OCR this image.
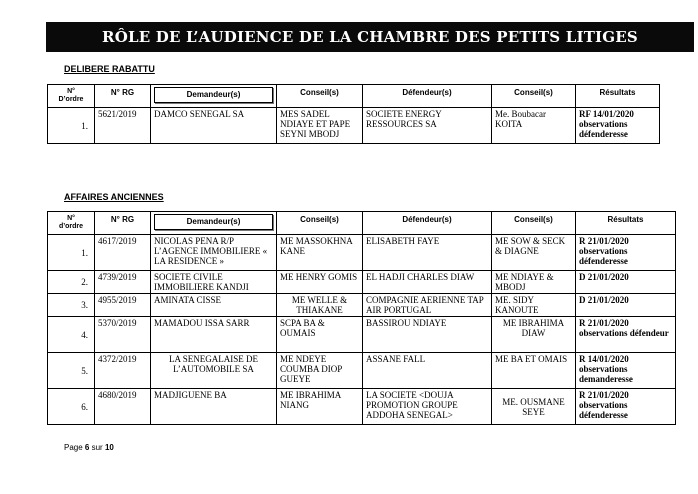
RÔLE DE L’AUDIENCE DE LA CHAMBRE DES PETITS LITIGES
DELIBERE RABATTU
N°
D’ordre	N° RG	Demandeur(s)	Conseil(s)	Défendeur(s)	Conseil(s)	Résultats
1.	5621/2019	DAMCO SENEGAL SA	MES SADEL NDIAYE ET PAPE SEYNI MBODJ	SOCIETE ENERGY RESSOURCES SA	Me. Boubacar KOITA	RF 14/01/2020 observations défenderesse
AFFAIRES ANCIENNES
N°
d’ordre	N° RG	Demandeur(s)	Conseil(s)	Défendeur(s)	Conseil(s)	Résultats
1.	4617/2019	NICOLAS PENA R/P L’AGENCE IMMOBILIERE « LA RESIDENCE »	ME MASSOKHNA KANE	ELISABETH FAYE	ME SOW & SECK & DIAGNE	R 21/01/2020 observations défenderesse
2.	4739/2019	SOCIETE CIVILE IMMOBILIERE KANDJI	ME HENRY GOMIS	EL HADJI CHARLES DIAW	ME NDIAYE & MBODJ	D 21/01/2020
3.	4955/2019	AMINATA CISSE	ME WELLE & THIAKANE	COMPAGNIE AERIENNE TAP AIR PORTUGAL	ME. SIDY KANOUTE	D 21/01/2020
4.	5370/2019	MAMADOU ISSA SARR	SCPA BA & OUMAIS	BASSIROU NDIAYE	ME IBRAHIMA DIAW	R 21/01/2020 observations défendeur
5.	4372/2019	LA SENEGALAISE DE L’AUTOMOBILE SA	ME NDEYE COUMBA DIOP GUEYE	ASSANE FALL	ME BA ET OMAIS	R 14/01/2020 observations demanderesse
6.	4680/2019	MADJIGUENE BA	ME IBRAHIMA NIANG	LA SOCIETE <DOUJA PROMOTION GROUPE ADDOHA SENEGAL>	ME. OUSMANE SEYE	R 21/01/2020 observations défenderesse
Page 6 sur 10
